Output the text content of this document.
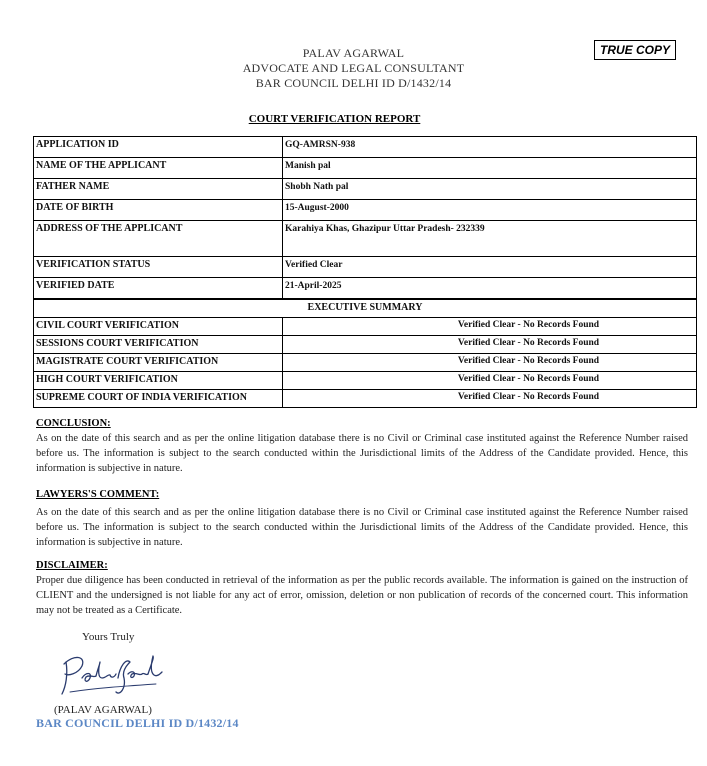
PALAV AGARWAL
ADVOCATE AND LEGAL CONSULTANT
BAR COUNCIL DELHI ID D/1432/14
TRUE COPY
COURT VERIFICATION REPORT
APPLICATION ID	GQ-AMRSN-938
NAME OF THE APPLICANT	Manish pal
FATHER NAME	Shobh Nath pal
DATE OF BIRTH	15-August-2000
ADDRESS OF THE APPLICANT	Karahiya Khas, Ghazipur Uttar Pradesh- 232339
VERIFICATION STATUS	Verified Clear
VERIFIED DATE	21-April-2025
EXECUTIVE SUMMARY	
CIVIL COURT VERIFICATION	Verified Clear - No Records Found
SESSIONS COURT VERIFICATION	Verified Clear - No Records Found
MAGISTRATE COURT VERIFICATION	Verified Clear - No Records Found
HIGH COURT VERIFICATION	Verified Clear - No Records Found
SUPREME COURT OF INDIA VERIFICATION	Verified Clear - No Records Found
CONCLUSION:
As on the date of this search and as per the online litigation database there is no Civil or Criminal case instituted against the Reference Number raised before us. The information is subject to the search conducted within the Jurisdictional limits of the Address of the Candidate provided. Hence, this information is subjective in nature.
LAWYERS'S COMMENT:
As on the date of this search and as per the online litigation database there is no Civil or Criminal case instituted against the Reference Number raised before us. The information is subject to the search conducted within the Jurisdictional limits of the Address of the Candidate provided. Hence, this information is subjective in nature.
DISCLAIMER:
Proper due diligence has been conducted in retrieval of the information as per the public records available. The information is gained on the instruction of CLIENT and the undersigned is not liable for any act of error, omission, deletion or non publication of records of the concerned court. This information may not be treated as a Certificate.
Yours Truly
(PALAV AGARWAL)
BAR COUNCIL DELHI ID D/1432/14
